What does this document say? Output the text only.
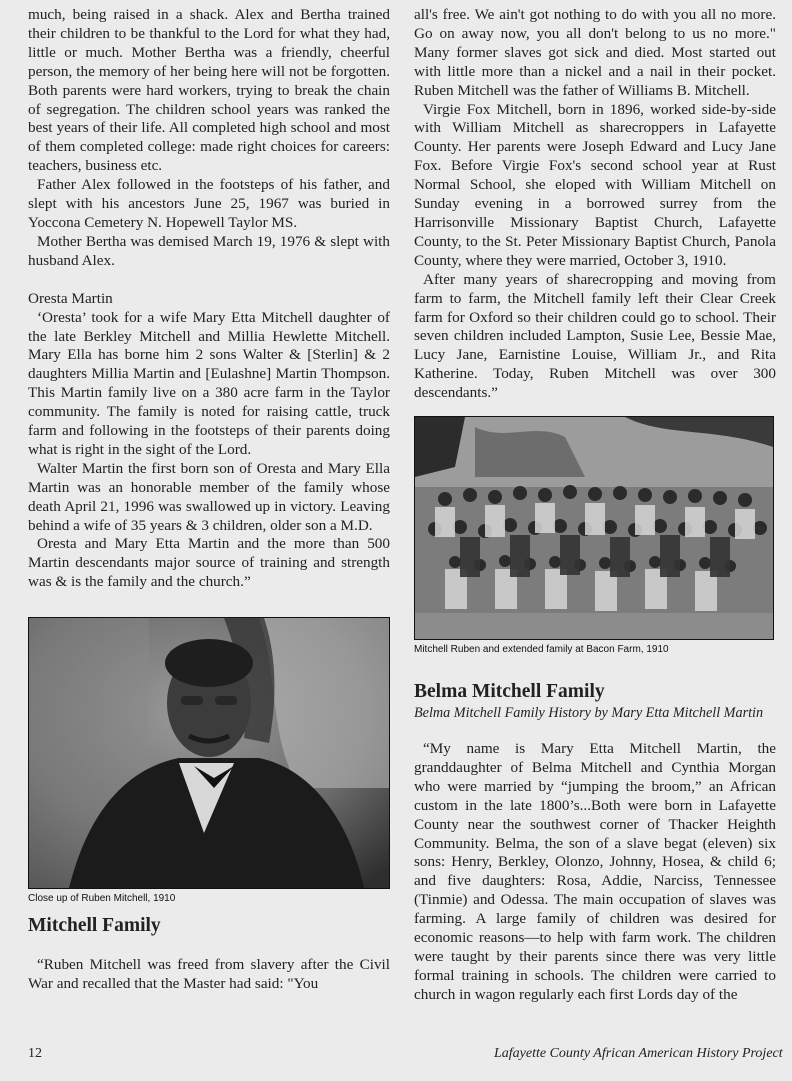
much, being raised in a shack. Alex and Bertha trained their children to be thankful to the Lord for what they had, little or much. Mother Bertha was a friendly, cheerful person, the memory of her being here will not be forgotten. Both parents were hard workers, trying to break the chain of segregation. The children school years was ranked the best years of their life. All completed high school and most of them completed college: made right choices for careers: teachers, business etc.

Father Alex followed in the footsteps of his father, and slept with his ancestors June 25, 1967 was buried in Yoccona Cemetery N. Hopewell Taylor MS.

Mother Bertha was demised March 19, 1976 & slept with husband Alex.

Oresta Martin

‘Oresta’ took for a wife Mary Etta Mitchell daughter of the late Berkley Mitchell and Millia Hewlette Mitchell. Mary Ella has borne him 2 sons Walter & [Sterlin] & 2 daughters Millia Martin and [Eulashne] Martin Thompson. This Martin family live on a 380 acre farm in the Taylor community. The family is noted for raising cattle, truck farm and following in the footsteps of their parents doing what is right in the sight of the Lord.

Walter Martin the first born son of Oresta and Mary Ella Martin was an honorable member of the family whose death April 21, 1996 was swallowed up in victory. Leaving behind a wife of 35 years & 3 children, older son a M.D.

Oresta and Mary Etta Martin and the more than 500 Martin descendants major source of training and strength was & is the family and the church.”

Close up of Ruben Mitchell, 1910

Mitchell Family

“Ruben Mitchell was freed from slavery after the Civil War and recalled that the Master had said: "You

all's free. We ain't got nothing to do with you all no more. Go on away now, you all don't belong to us no more." Many former slaves got sick and died. Most started out with little more than a nickel and a nail in their pocket. Ruben Mitchell was the father of Williams B. Mitchell.

Virgie Fox Mitchell, born in 1896, worked side-by-side with William Mitchell as sharecroppers in Lafayette County. Her parents were Joseph Edward and Lucy Jane Fox. Before Virgie Fox's second school year at Rust Normal School, she eloped with William Mitchell on Sunday evening in a borrowed surrey from the Harrisonville Missionary Baptist Church, Lafayette County, to the St. Peter Missionary Baptist Church, Panola County, where they were married, October 3, 1910.

After many years of sharecropping and moving from farm to farm, the Mitchell family left their Clear Creek farm for Oxford so their children could go to school. Their seven children included Lampton, Susie Lee, Bessie Mae, Lucy Jane, Earnistine Louise, William Jr., and Rita Katherine. Today, Ruben Mitchell was over 300 descendants.”

Mitchell Ruben and extended family at Bacon Farm, 1910

Belma Mitchell Family

Belma Mitchell Family History by Mary Etta Mitchell Martin

“My name is Mary Etta Mitchell Martin, the granddaughter of Belma Mitchell and Cynthia Morgan who were married by “jumping the broom,” an African custom in the late 1800’s...Both were born in Lafayette County near the southwest corner of Thacker Heighth Community. Belma, the son of a slave begat (eleven) six sons: Henry, Berkley, Olonzo, Johnny, Hosea, & child 6; and five daughters: Rosa, Addie, Narciss, Tennessee (Tinmie) and Odessa. The main occupation of slaves was farming. A large family of children was desired for economic reasons—to help with farm work. The children were taught by their parents since there was very little formal training in schools. The children were carried to church in wagon regularly each first Lords day of the

12	Lafayette County African American History Project
